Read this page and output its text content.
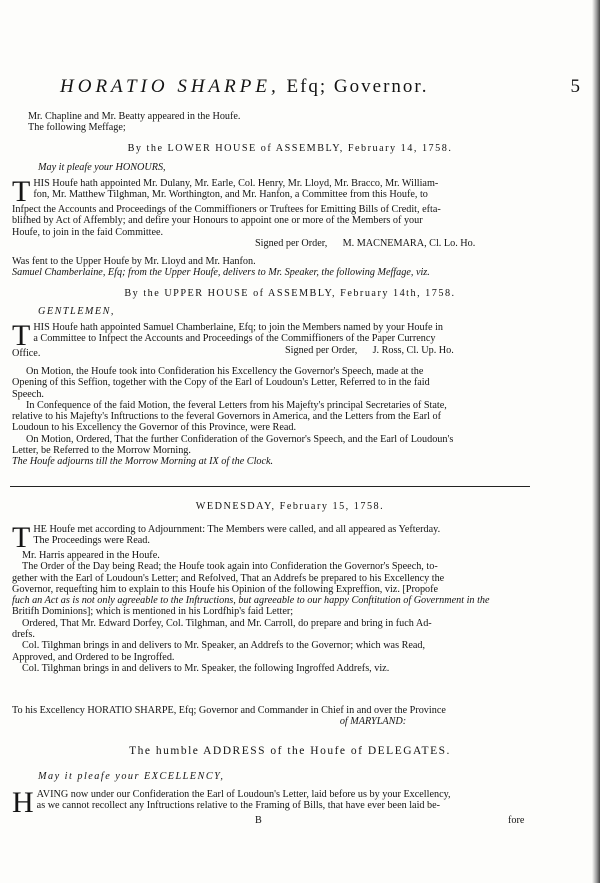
HORATIO SHARPE, Efq; Governor.	5
Mr. Chapline and Mr. Beatty appeared in the Houfe.
The following Meffage;
By the LOWER HOUSE of ASSEMBLY, February 14, 1758.
May it pleafe your HONOURS,
T HIS Houfe hath appointed Mr. Dulany, Mr. Earle, Col. Henry, Mr. Lloyd, Mr. Bracco, Mr. William-
fon, Mr. Matthew Tilghman, Mr. Worthington, and Mr. Hanfon, a Committee from this Houfe, to
Infpect the Accounts and Proceedings of the Commiffioners or Truftees for Emitting Bills of Credit, efta-
blifhed by Act of Affembly; and defire your Honours to appoint one or more of the Members of your
Houfe, to join in the faid Committee.
Signed per Order,      M. MACNEMARA, Cl. Lo. Ho.
Was fent to the Upper Houfe by Mr. Lloyd and Mr. Hanfon.
Samuel Chamberlaine, Efq; from the Upper Houfe, delivers to Mr. Speaker, the following Meffage, viz.
By the UPPER HOUSE of ASSEMBLY, February 14th, 1758.
GENTLEMEN,
T HIS Houfe hath appointed Samuel Chamberlaine, Efq; to join the Members named by your Houfe in
a Committee to Infpect the Accounts and Proceedings of the Commiffioners of the Paper Currency
Office.	Signed per Order,      J. Ross, Cl. Up. Ho.
On Motion, the Houfe took into Confideration his Excellency the Governor's Speech, made at the
Opening of this Seffion, together with the Copy of the Earl of Loudoun's Letter, Referred to in the faid
Speech.
In Confequence of the faid Motion, the feveral Letters from his Majefty's principal Secretaries of State,
relative to his Majefty's Inftructions to the feveral Governors in America, and the Letters from the Earl of
Loudoun to his Excellency the Governor of this Province, were Read.
On Motion, Ordered, That the further Confideration of the Governor's Speech, and the Earl of Loudoun's
Letter, be Referred to the Morrow Morning.
The Houfe adjourns till the Morrow Morning at IX of the Clock.
WEDNESDAY, February 15, 1758.
T HE Houfe met according to Adjournment: The Members were called, and all appeared as Yefterday.
The Proceedings were Read.
Mr. Harris appeared in the Houfe.
The Order of the Day being Read; the Houfe took again into Confideration the Governor's Speech, to-
gether with the Earl of Loudoun's Letter; and Refolved, That an Addrefs be prepared to his Excellency the
Governor, requefting him to explain to this Houfe his Opinion of the following Expreffion, viz. [Propofe
fuch an Act as is not only agreeable to the Inftructions, but agreeable to our happy Conftitution of Government in the
Britifh Dominions]; which is mentioned in his Lordfhip's faid Letter;
Ordered, That Mr. Edward Dorfey, Col. Tilghman, and Mr. Carroll, do prepare and bring in fuch Ad-
drefs.
Col. Tilghman brings in and delivers to Mr. Speaker, an Addrefs to the Governor; which was Read,
Approved, and Ordered to be Ingroffed.
Col. Tilghman brings in and delivers to Mr. Speaker, the following Ingroffed Addrefs, viz.
To his Excellency HORATIO SHARPE, Efq; Governor and Commander in Chief in and over the Province
of MARYLAND:
The humble ADDRESS of the Houfe of DELEGATES.
May it pleafe your EXCELLENCY,
H AVING now under our Confideration the Earl of Loudoun's Letter, laid before us by your Excellency,
as we cannot recollect any Inftructions relative to the Framing of Bills, that have ever been laid be-
B	fore
